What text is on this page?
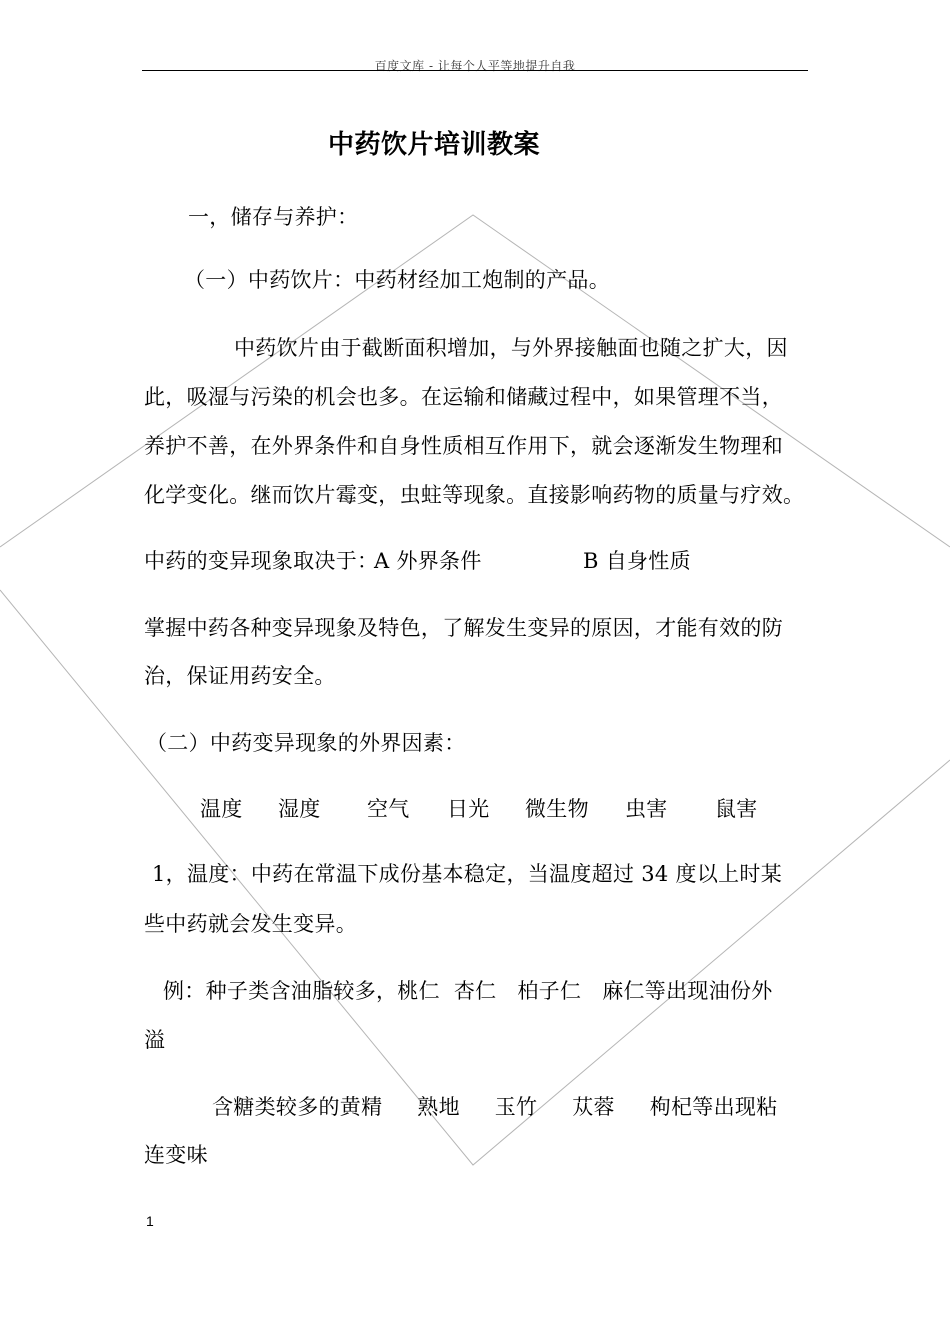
百度文库 - 让每个人平等地提升自我
中药饮片培训教案
一，储存与养护：
（一）中药饮片：中药材经加工炮制的产品。
中药饮片由于截断面积增加，与外界接触面也随之扩大，因
此，吸湿与污染的机会也多。在运输和储藏过程中，如果管理不当，
养护不善，在外界条件和自身性质相互作用下，就会逐渐发生物理和
化学变化。继而饮片霉变，虫蛀等现象。直接影响药物的质量与疗效。
中药的变异现象取决于：
A 外界条件	B 自身性质
掌握中药各种变异现象及特色，了解发生变异的原因，才能有效的防
治，保证用药安全。
（二）中药变异现象的外界因素：
温度 湿度 空气 日光 微生物 虫害 鼠害
1，温度：中药在常温下成份基本稳定，当温度超过 34 度以上时某
些中药就会发生变异。
例：种子类含油脂较多，桃仁  杏仁   柏子仁   麻仁等出现油份外
溢
含糖类较多的黄精     熟地     玉竹     苁蓉     枸杞等出现粘
连变味
1
